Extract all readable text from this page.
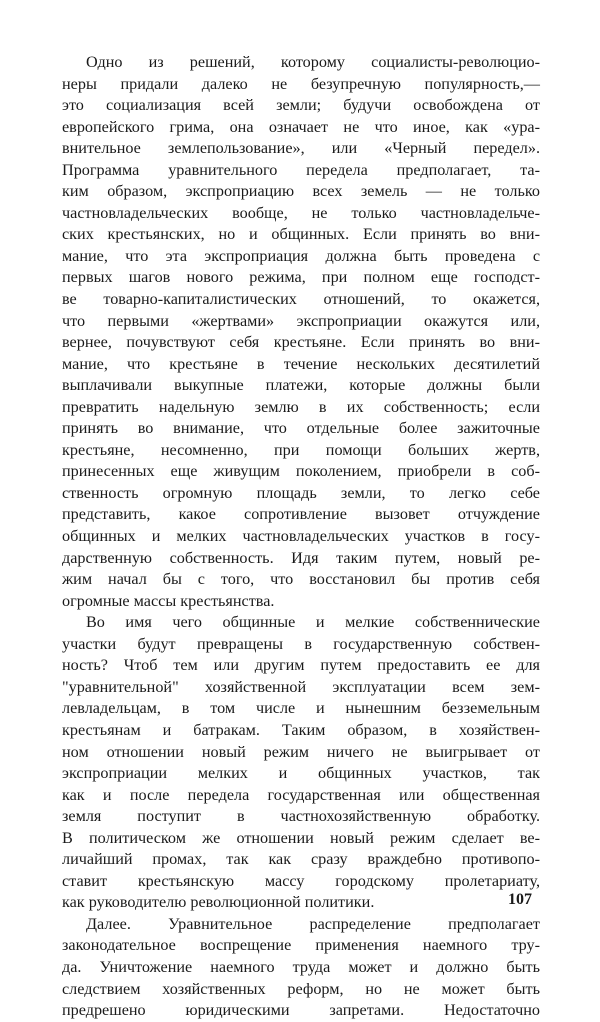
Одно из решений, которому социалисты-революцио-
неры придали далеко не безупречную популярность,—
это социализация всей земли; будучи освобождена от
европейского грима, она означает не что иное, как «ура-
внительное землепользование», или «Черный передел».
Программа уравнительного передела предполагает, та-
ким образом, экспроприацию всех земель — не только
частновладельческих вообще, не только частновладельче-
ских крестьянских, но и общинных. Если принять во вни-
мание, что эта экспроприация должна быть проведена с
первых шагов нового режима, при полном еще господст-
ве товарно-капиталистических отношений, то окажется,
что первыми «жертвами» экспроприации окажутся или,
вернее, почувствуют себя крестьяне. Если принять во вни-
мание, что крестьяне в течение нескольких десятилетий
выплачивали выкупные платежи, которые должны были
превратить надельную землю в их собственность; если
принять во внимание, что отдельные более зажиточные
крестьяне, несомненно, при помощи больших жертв,
принесенных еще живущим поколением, приобрели в соб-
ственность огромную площадь земли, то легко себе
представить, какое сопротивление вызовет отчуждение
общинных и мелких частновладельческих участков в госу-
дарственную собственность. Идя таким путем, новый ре-
жим начал бы с того, что восстановил бы против себя
огромные массы крестьянства.

Во имя чего общинные и мелкие собственнические
участки будут превращены в государственную собствен-
ность? Чтоб тем или другим путем предоставить ее для
"уравнительной" хозяйственной эксплуатации всем зем-
левладельцам, в том числе и нынешним безземельным
крестьянам и батракам. Таким образом, в хозяйствен-
ном отношении новый режим ничего не выигрывает от
экспроприации мелких и общинных участков, так
как и после передела государственная или общественная
земля поступит в частнохозяйственную обработку.
В политическом же отношении новый режим сделает ве-
личайший промах, так как сразу враждебно противопо-
ставит крестьянскую массу городскому пролетариату,
как руководителю революционной политики.

Далее. Уравнительное распределение предполагает
законодательное воспрещение применения наемного тру-
да. Уничтожение наемного труда может и должно быть
следствием хозяйственных реформ, но не может быть
предрешено юридическими запретами. Недостаточно

107
